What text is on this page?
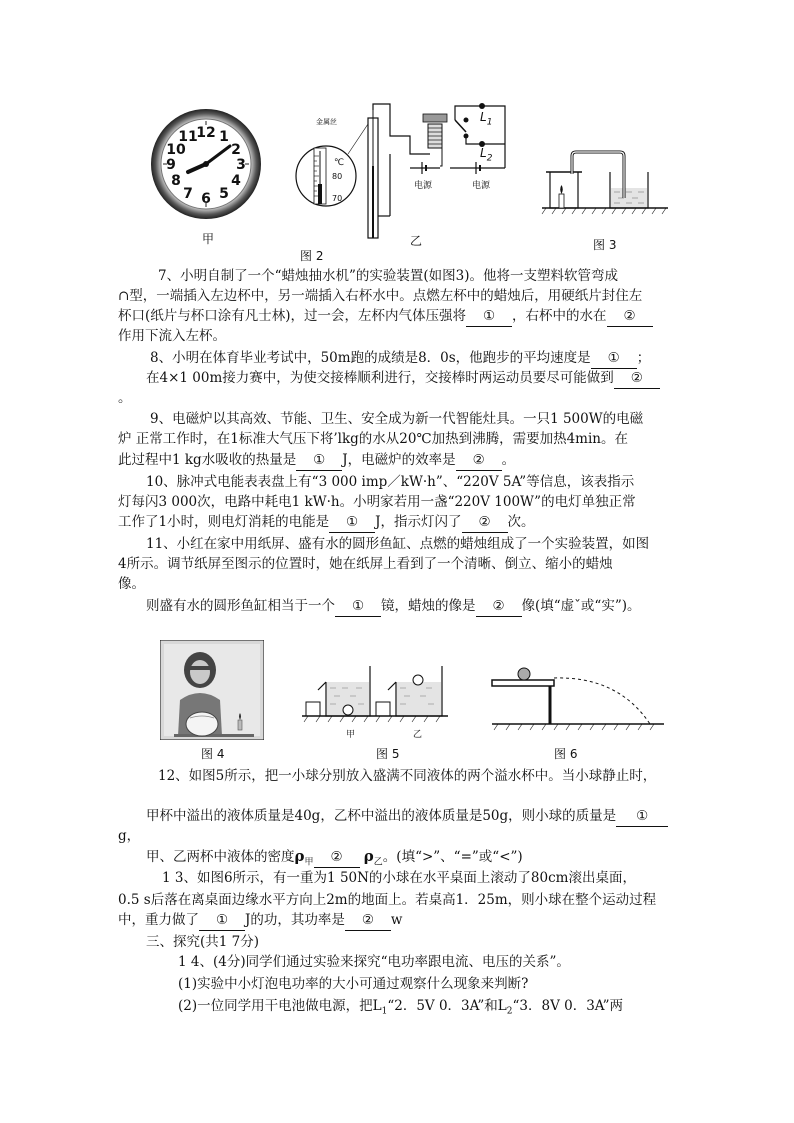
12 1
2
3
4
5
6
7
8
9
10
11
甲
金属丝
℃
80
70
$L_1$
$L_2$
电源	电源
乙
图 2
图 3
7、小明自制了一个“蜡烛抽水机”的实验装置(如图3)。他将一支塑料软管弯成
∩型，一端插入左边杯中，另一端插入右杯水中。点燃左杯中的蜡烛后，用硬纸片封住左
杯口(纸片与杯口涂有凡士林)，过一会，左杯内气体压强将 ① ，右杯中的水在 ②
作用下流入左杯。
8、小明在体育毕业考试中，50m跑的成绩是8．0s，他跑步的平均速度是 ① ；
在4×1 00m接力赛中，为使交接棒顺利进行，交接棒时两运动员要尽可能做到 ②
。
9、电磁炉以其高效、节能、卫生、安全成为新一代智能灶具。一只1 500W的电磁
炉 正常工作时，在1标准大气压下将’lkg的水从20℃加热到沸腾，需要加热4min。在
此过程中1 kg水吸收的热量是 ① J，电磁炉的效率是 ② 。
10、脉冲式电能表表盘上有“3 000 imp／kW·h”、“220V 5A”等信息，该表指示
灯每闪3 000次，电路中耗电1 kW·h。小明家若用一盏“220V 100W”的电灯单独正常
工作了1小时，则电灯消耗的电能是 ① J，指示灯闪了 ② 次。
11、小红在家中用纸屏、盛有水的圆形鱼缸、点燃的蜡烛组成了一个实验装置，如图
4所示。调节纸屏至图示的位置时，她在纸屏上看到了一个清晰、倒立、缩小的蜡烛
像。
则盛有水的圆形鱼缸相当于一个 ① 镜，蜡烛的像是 ② 像(填“虚ˇ或“实”)。
图 4
甲	乙
图 5	图 6
12、如图5所示，把一小球分别放入盛满不同液体的两个溢水杯中。当小球静止时，
甲杯中溢出的液体质量是40g，乙杯中溢出的液体质量是50g，则小球的质量是 ①
g，
甲、乙两杯中液体的密度$\rho_甲$ ② $\rho_乙$。(填“>”、“=”或“<”)
1 3、如图6所示，有一重为1 50N的小球在水平桌面上滚动了80cm滚出桌面，
0.5 s后落在离桌面边缘水平方向上2m的地面上。若桌高1．25m，则小球在整个运动过程
中，重力做了 ① J的功，其功率是 ② w
三、探究(共1 7分)
1 4、(4分)同学们通过实验来探究“电功率跟电流、电压的关系”。
(1)实验中小灯泡电功率的大小可通过观察什么现象来判断?
(2)一位同学用干电池做电源，把$L_1“2$．5V 0．3A”和$L_2“3$．8V 0．3A”两
